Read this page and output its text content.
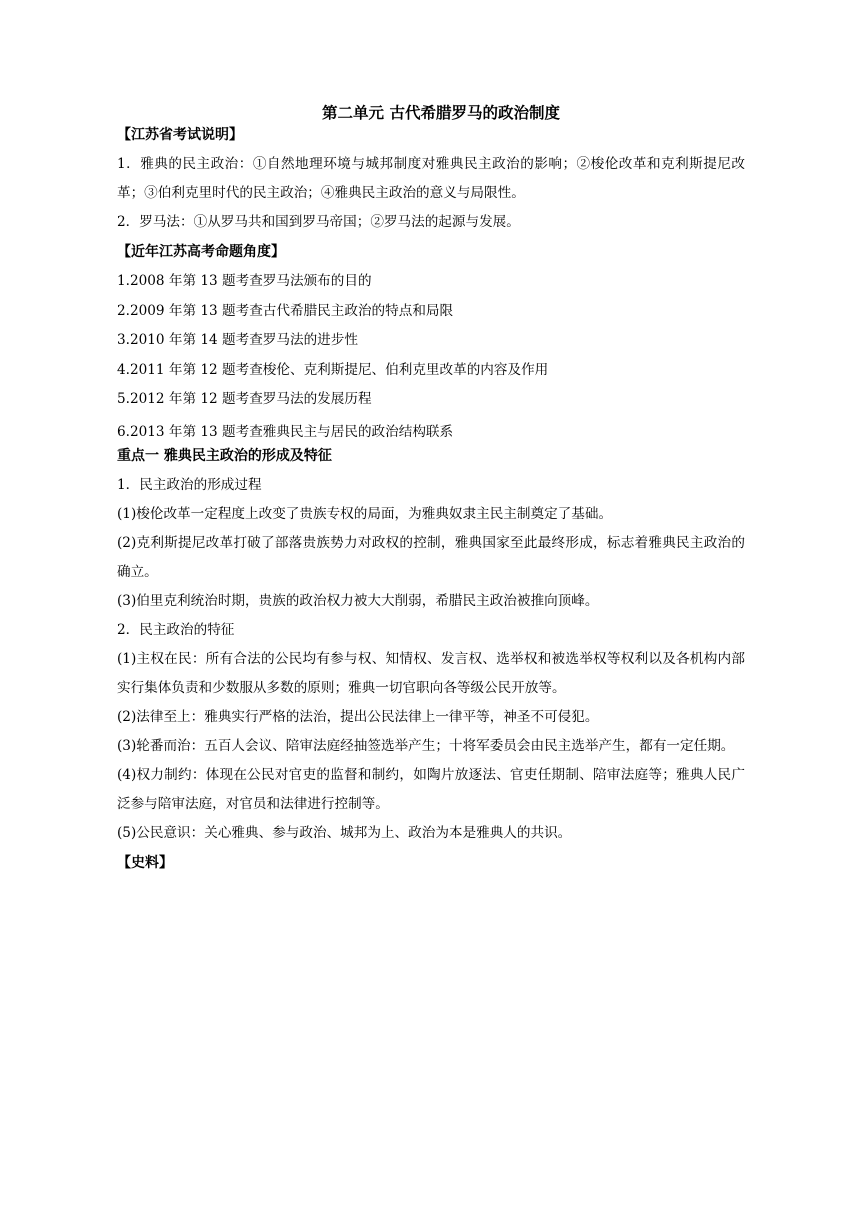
第二单元 古代希腊罗马的政治制度

【江苏省考试说明】

1．雅典的民主政治：①自然地理环境与城邦制度对雅典民主政治的影响；②梭伦改革和克利斯提尼改革；③伯利克里时代的民主政治；④雅典民主政治的意义与局限性。

2．罗马法：①从罗马共和国到罗马帝国；②罗马法的起源与发展。

【近年江苏高考命题角度】

1.2008 年第 13 题考查罗马法颁布的目的

2.2009 年第 13 题考查古代希腊民主政治的特点和局限

3.2010 年第 14 题考查罗马法的进步性

4.2011 年第 12 题考查梭伦、克利斯提尼、伯利克里改革的内容及作用

5.2012 年第 12 题考查罗马法的发展历程

6.2013 年第 13 题考查雅典民主与居民的政治结构联系

重点一 雅典民主政治的形成及特征

1．民主政治的形成过程

(1)梭伦改革一定程度上改变了贵族专权的局面，为雅典奴隶主民主制奠定了基础。

(2)克利斯提尼改革打破了部落贵族势力对政权的控制，雅典国家至此最终形成，标志着雅典民主政治的确立。

(3)伯里克利统治时期，贵族的政治权力被大大削弱，希腊民主政治被推向顶峰。

2．民主政治的特征

(1)主权在民：所有合法的公民均有参与权、知情权、发言权、选举权和被选举权等权利以及各机构内部实行集体负责和少数服从多数的原则；雅典一切官职向各等级公民开放等。

(2)法律至上：雅典实行严格的法治，提出公民法律上一律平等，神圣不可侵犯。

(3)轮番而治：五百人会议、陪审法庭经抽签选举产生；十将军委员会由民主选举产生，都有一定任期。

(4)权力制约：体现在公民对官吏的监督和制约，如陶片放逐法、官吏任期制、陪审法庭等；雅典人民广泛参与陪审法庭，对官员和法律进行控制等。

(5)公民意识：关心雅典、参与政治、城邦为上、政治为本是雅典人的共识。

【史料】
